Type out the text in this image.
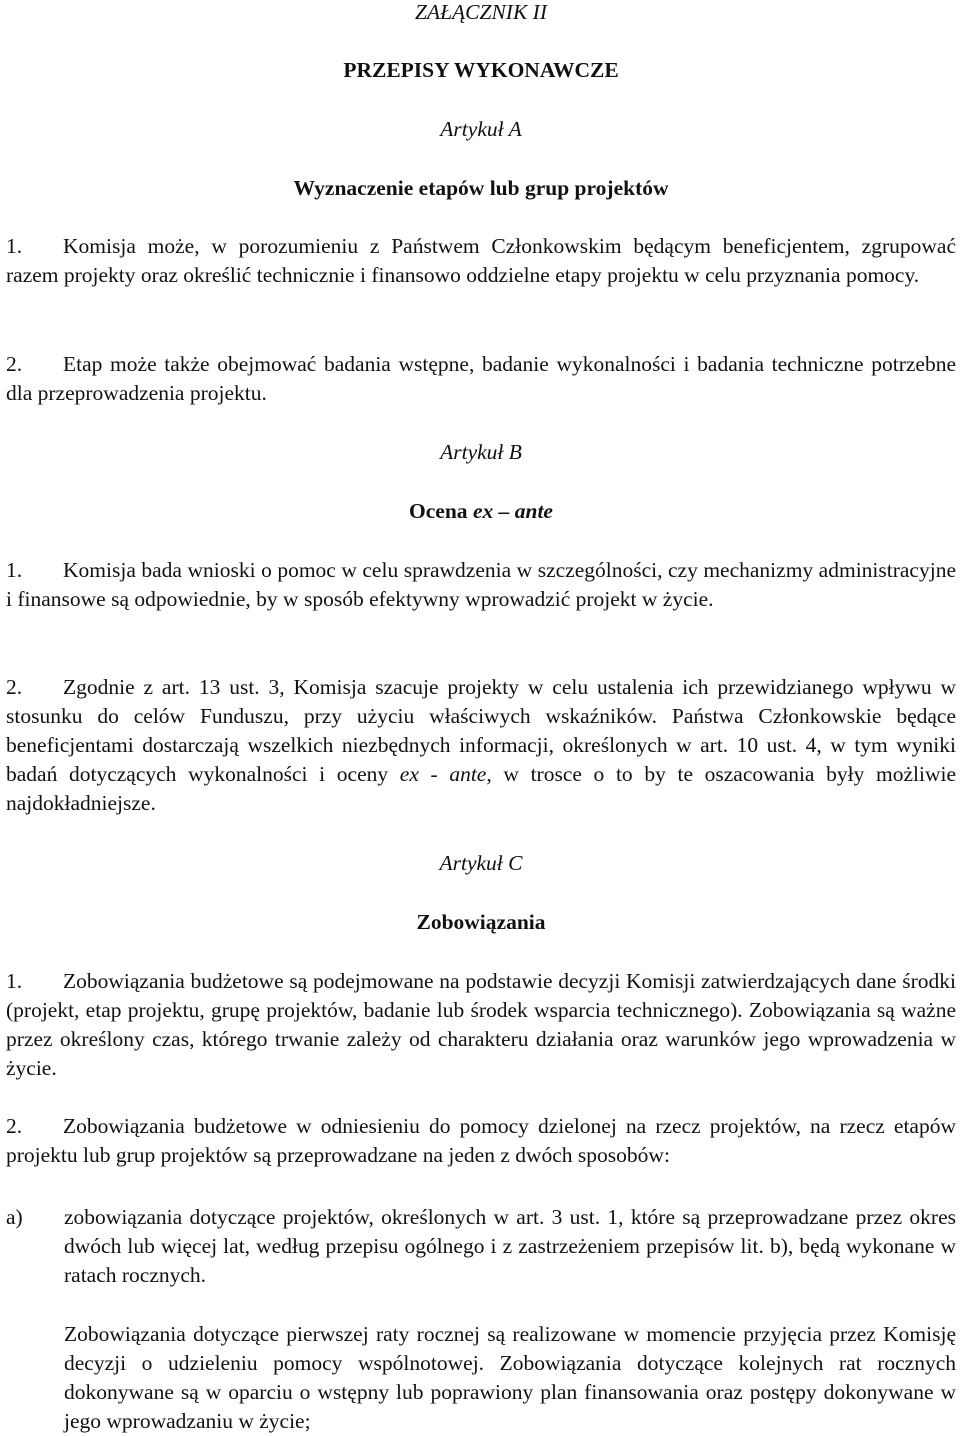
ZAŁĄCZNIK II

PRZEPISY WYKONAWCZE

Artykuł A

Wyznaczenie etapów lub grup projektów

1. Komisja może, w porozumieniu z Państwem Członkowskim będącym beneficjentem, zgrupować razem projekty oraz określić technicznie i finansowo oddzielne etapy projektu w celu przyznania pomocy.

2. Etap może także obejmować badania wstępne, badanie wykonalności i badania techniczne potrzebne dla przeprowadzenia projektu.

Artykuł B

Ocena ex – ante

1. Komisja bada wnioski o pomoc w celu sprawdzenia w szczególności, czy mechanizmy administracyjne i finansowe są odpowiednie, by w sposób efektywny wprowadzić projekt w życie.

2. Zgodnie z art. 13 ust. 3, Komisja szacuje projekty w celu ustalenia ich przewidzianego wpływu w stosunku do celów Funduszu, przy użyciu właściwych wskaźników. Państwa Członkowskie będące beneficjentami dostarczają wszelkich niezbędnych informacji, określonych w art. 10 ust. 4, w tym wyniki badań dotyczących wykonalności i oceny ex - ante, w trosce o to by te oszacowania były możliwie najdokładniejsze.

Artykuł C

Zobowiązania

1. Zobowiązania budżetowe są podejmowane na podstawie decyzji Komisji zatwierdzających dane środki (projekt, etap projektu, grupę projektów, badanie lub środek wsparcia technicznego). Zobowiązania są ważne przez określony czas, którego trwanie zależy od charakteru działania oraz warunków jego wprowadzenia w życie.

2. Zobowiązania budżetowe w odniesieniu do pomocy dzielonej na rzecz projektów, na rzecz etapów projektu lub grup projektów są przeprowadzane na jeden z dwóch sposobów:

a)	zobowiązania dotyczące projektów, określonych w art. 3 ust. 1, które są przeprowadzane przez okres dwóch lub więcej lat, według przepisu ogólnego i z zastrzeżeniem przepisów lit. b), będą wykonane w ratach rocznych.

Zobowiązania dotyczące pierwszej raty rocznej są realizowane w momencie przyjęcia przez Komisję decyzji o udzieleniu pomocy wspólnotowej. Zobowiązania dotyczące kolejnych rat rocznych dokonywane są w oparciu o wstępny lub poprawiony plan finansowania oraz postępy dokonywane w jego wprowadzaniu w życie;
